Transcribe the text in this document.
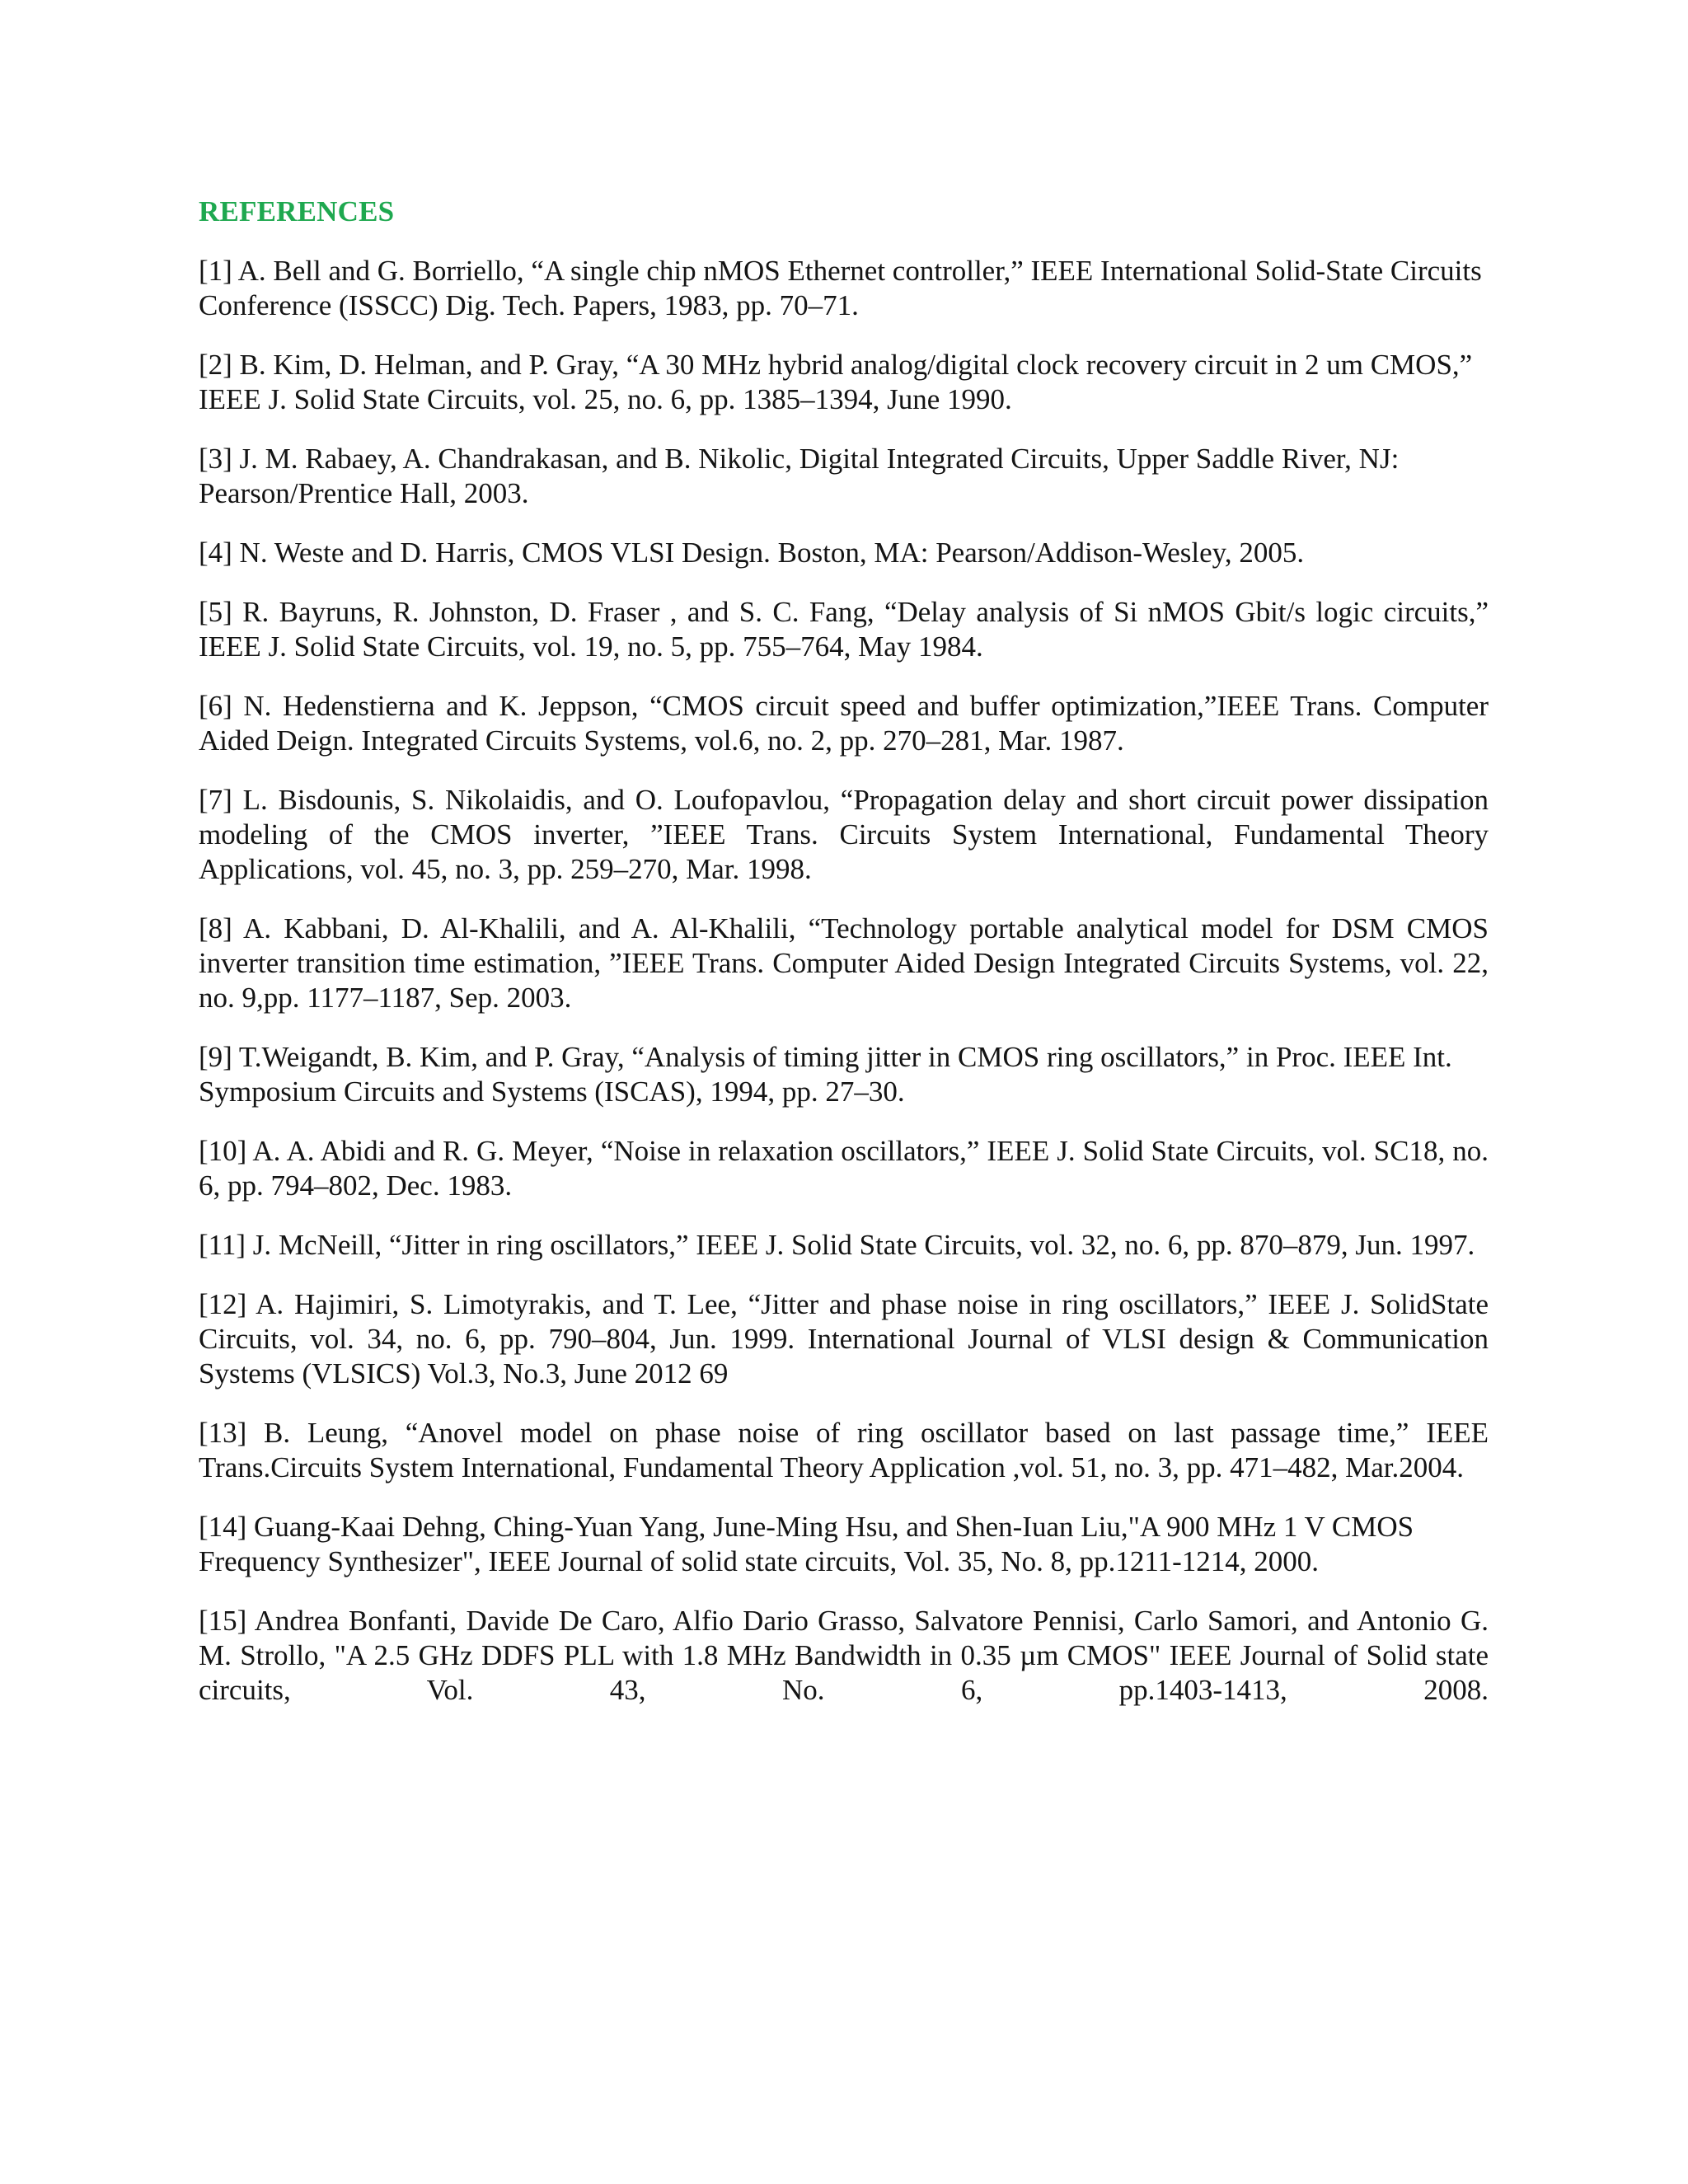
REFERENCES

[1] A. Bell and G. Borriello, “A single chip nMOS Ethernet controller,” IEEE International Solid-State Circuits Conference (ISSCC) Dig. Tech. Papers, 1983, pp. 70–71.

[2] B. Kim, D. Helman, and P. Gray, “A 30 MHz hybrid analog/digital clock recovery circuit in 2 um CMOS,” IEEE J. Solid State Circuits, vol. 25, no. 6, pp. 1385–1394, June 1990.

[3] J. M. Rabaey, A. Chandrakasan, and B. Nikolic, Digital Integrated Circuits, Upper Saddle River, NJ: Pearson/Prentice Hall, 2003.

[4] N. Weste and D. Harris, CMOS VLSI Design. Boston, MA: Pearson/Addison-Wesley, 2005.

[5] R. Bayruns, R. Johnston, D. Fraser , and S. C. Fang, “Delay analysis of Si nMOS Gbit/s logic circuits,” IEEE J. Solid State Circuits, vol. 19, no. 5, pp. 755–764, May 1984.

[6] N. Hedenstierna and K. Jeppson, “CMOS circuit speed and buffer optimization,”IEEE Trans. Computer Aided Deign. Integrated Circuits Systems, vol.6, no. 2, pp. 270–281, Mar. 1987.

[7] L. Bisdounis, S. Nikolaidis, and O. Loufopavlou, “Propagation delay and short circuit power dissipation modeling of the CMOS inverter, ”IEEE Trans. Circuits System International, Fundamental Theory Applications, vol. 45, no. 3, pp. 259–270, Mar. 1998.

[8] A. Kabbani, D. Al-Khalili, and A. Al-Khalili, “Technology portable analytical model for DSM CMOS inverter transition time estimation, ”IEEE Trans. Computer Aided Design Integrated Circuits Systems, vol. 22, no. 9,pp. 1177–1187, Sep. 2003.

[9] T.Weigandt, B. Kim, and P. Gray, “Analysis of timing jitter in CMOS ring oscillators,” in Proc. IEEE Int. Symposium Circuits and Systems (ISCAS), 1994, pp. 27–30.

[10] A. A. Abidi and R. G. Meyer, “Noise in relaxation oscillators,” IEEE J. Solid State Circuits, vol. SC18, no. 6, pp. 794–802, Dec. 1983.

[11] J. McNeill, “Jitter in ring oscillators,” IEEE J. Solid State Circuits, vol. 32, no. 6, pp. 870–879, Jun. 1997.

[12] A. Hajimiri, S. Limotyrakis, and T. Lee, “Jitter and phase noise in ring oscillators,” IEEE J. SolidState Circuits, vol. 34, no. 6, pp. 790–804, Jun. 1999. International Journal of VLSI design & Communication Systems (VLSICS) Vol.3, No.3, June 2012 69

[13] B. Leung, “Anovel model on phase noise of ring oscillator based on last passage time,” IEEE Trans.Circuits System International, Fundamental Theory Application ,vol. 51, no. 3, pp. 471–482, Mar.2004.

[14] Guang-Kaai Dehng, Ching-Yuan Yang, June-Ming Hsu, and Shen-Iuan Liu,"A 900 MHz 1 V CMOS Frequency Synthesizer", IEEE Journal of solid state circuits, Vol. 35, No. 8, pp.1211-1214, 2000.

[15] Andrea Bonfanti, Davide De Caro, Alfio Dario Grasso, Salvatore Pennisi, Carlo Samori, and Antonio G. M. Strollo, "A 2.5 GHz DDFS PLL with 1.8 MHz Bandwidth in 0.35 µm CMOS" IEEE Journal of Solid state circuits, Vol. 43, No. 6, pp.1403-1413, 2008.
